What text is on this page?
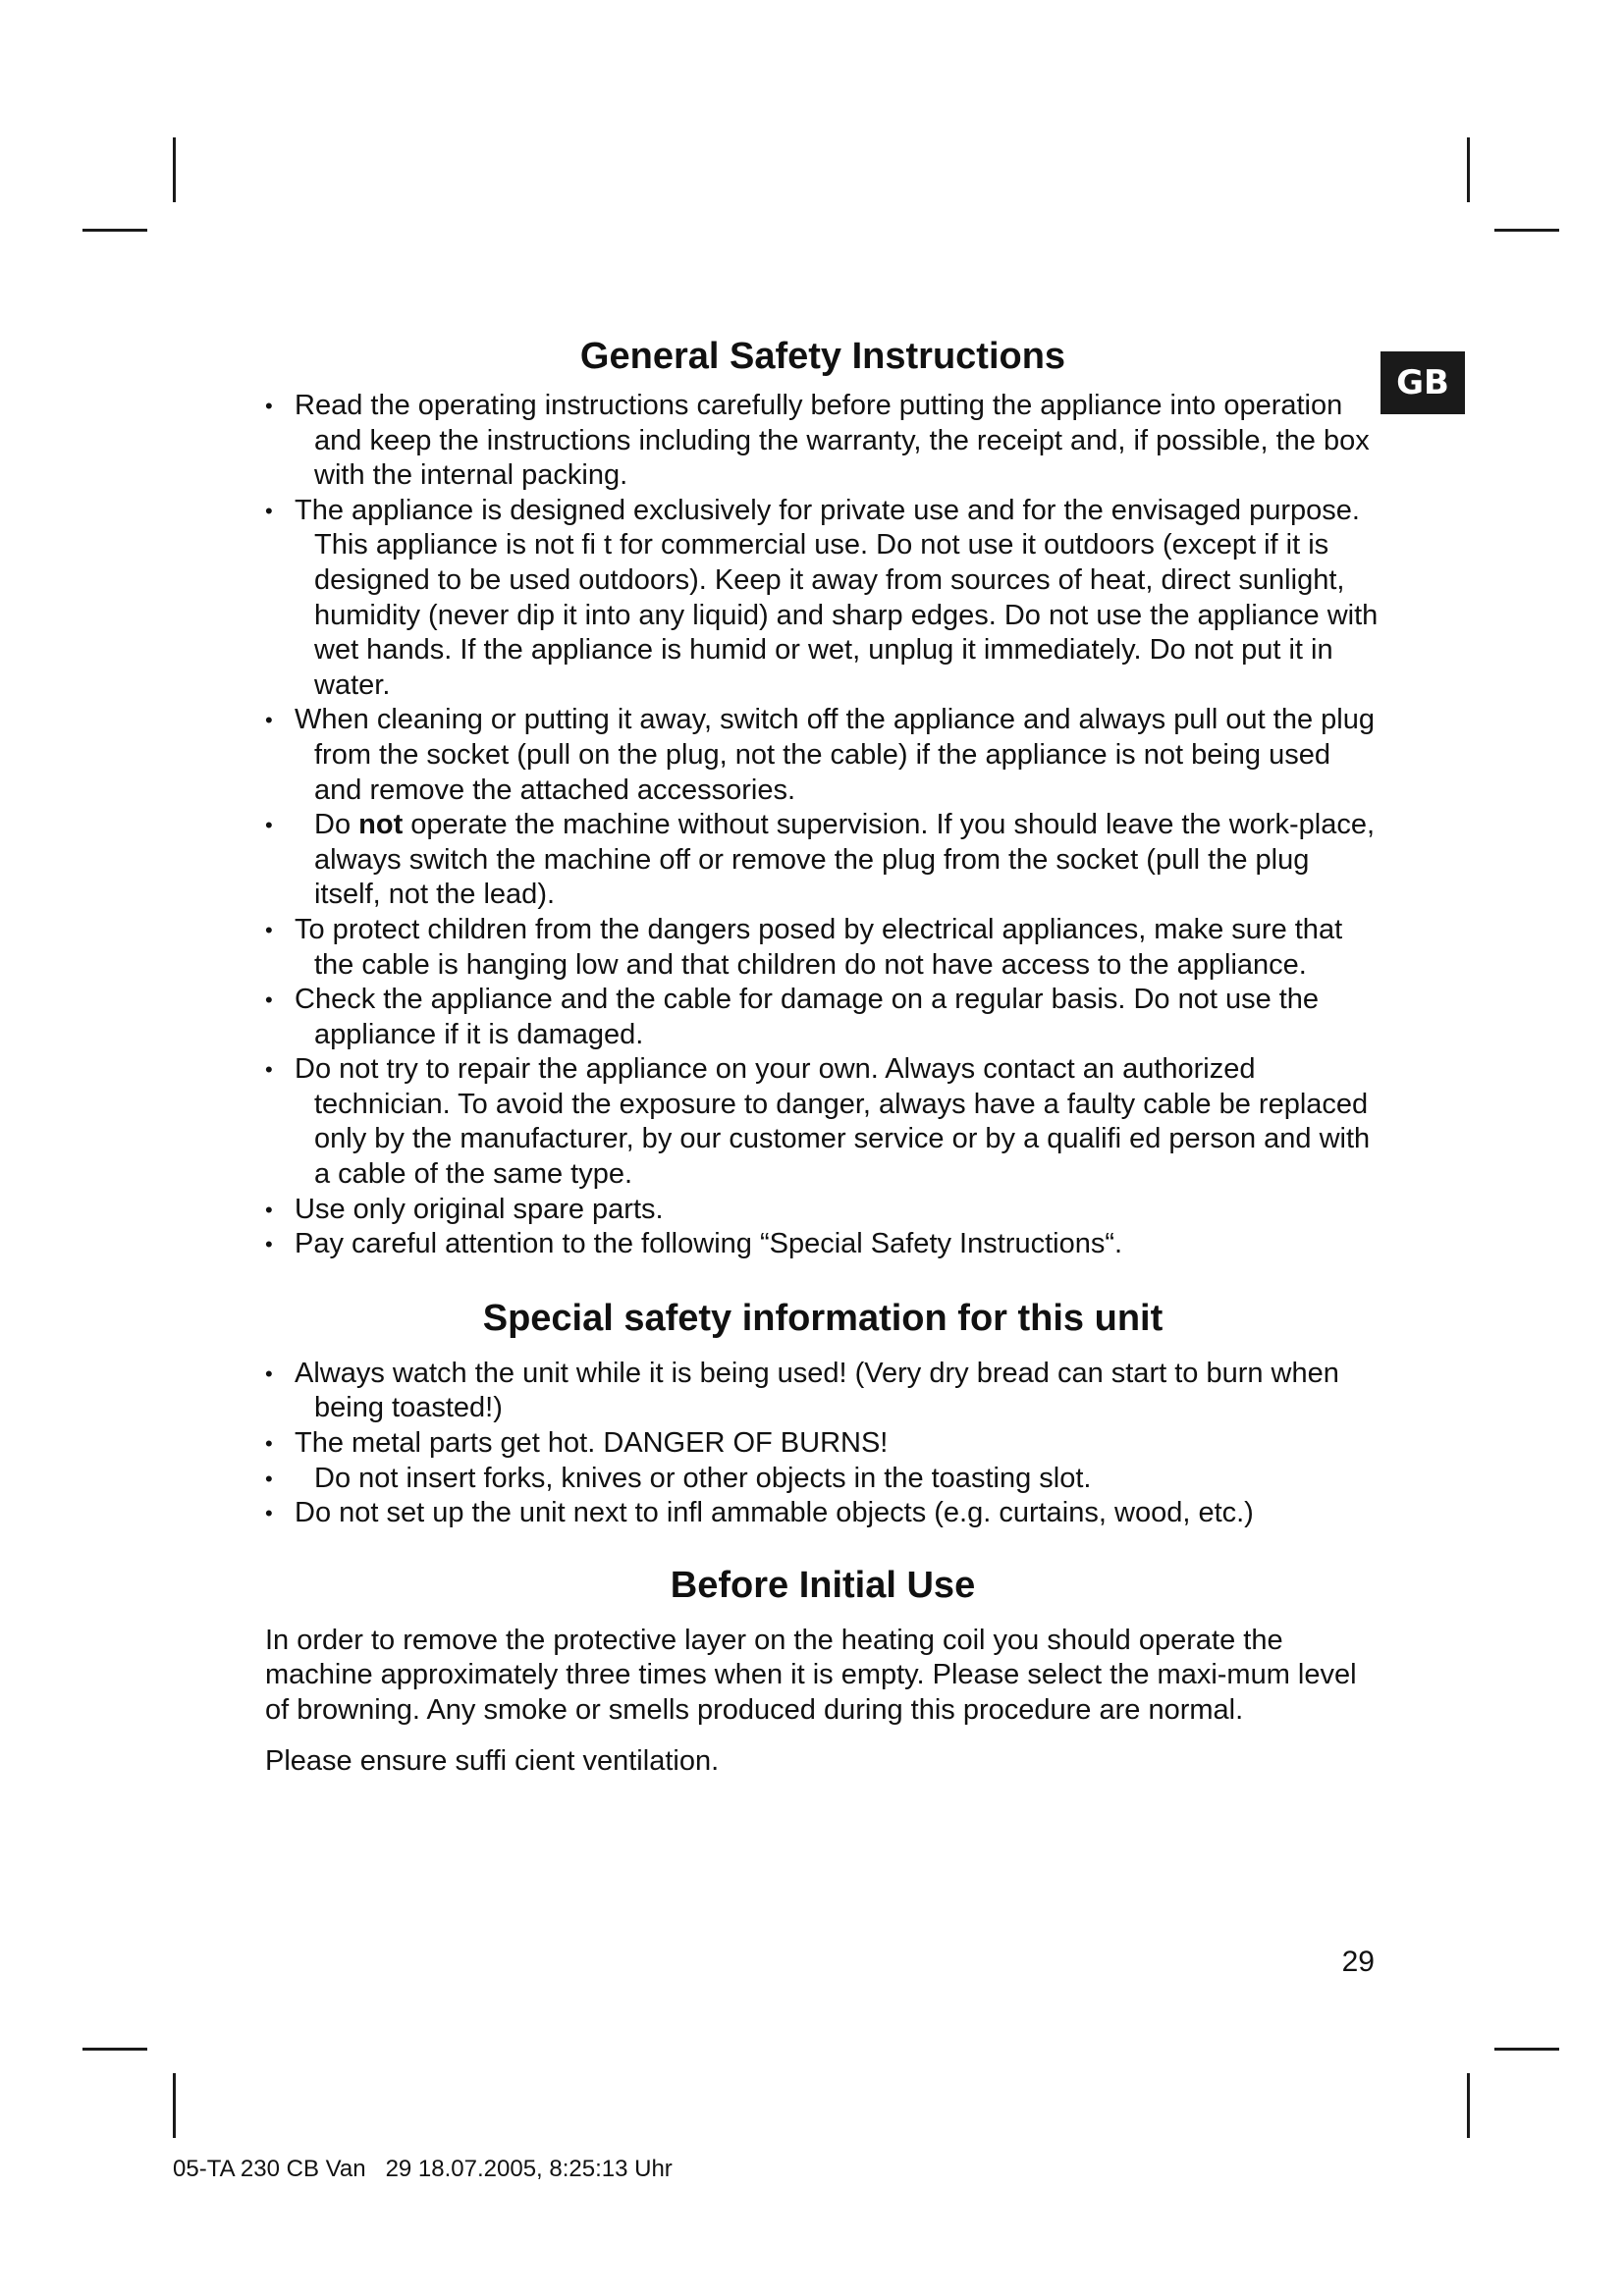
GB
General Safety Instructions
• Read the operating instructions carefully before putting the appliance into operation and keep the instructions including the warranty, the receipt and, if possible, the box with the internal packing.
• The appliance is designed exclusively for private use and for the envisaged purpose. This appliance is not fi t for commercial use. Do not use it outdoors (except if it is designed to be used outdoors). Keep it away from sources of heat, direct sunlight, humidity (never dip it into any liquid) and sharp edges. Do not use the appliance with wet hands. If the appliance is humid or wet, unplug it immediately. Do not put it in water.
• When cleaning or putting it away, switch off the appliance and always pull out the plug from the socket (pull on the plug, not the cable) if the appliance is not being used and remove the attached accessories.
• Do not operate the machine without supervision. If you should leave the work-place, always switch the machine off or remove the plug from the socket (pull the plug itself, not the lead).
• To protect children from the dangers posed by electrical appliances, make sure that the cable is hanging low and that children do not have access to the appliance.
• Check the appliance and the cable for damage on a regular basis. Do not use the appliance if it is damaged.
• Do not try to repair the appliance on your own. Always contact an authorized technician. To avoid the exposure to danger, always have a faulty cable be replaced only by the manufacturer, by our customer service or by a qualifi ed person and with a cable of the same type.
• Use only original spare parts.
• Pay careful attention to the following “Special Safety Instructions“.
Special safety information for this unit
• Always watch the unit while it is being used! (Very dry bread can start to burn when being toasted!)
• The metal parts get hot. DANGER OF BURNS!
• Do not insert forks, knives or other objects in the toasting slot.
• Do not set up the unit next to infl ammable objects (e.g. curtains, wood, etc.)
Before Initial Use

In order to remove the protective layer on the heating coil you should operate the machine approximately three times when it is empty. Please select the maxi-mum level of browning. Any smoke or smells produced during this procedure are normal.

Please ensure suffi cient ventilation.

29
05-TA 230 CB Van   29 18.07.2005, 8:25:13 Uhr
